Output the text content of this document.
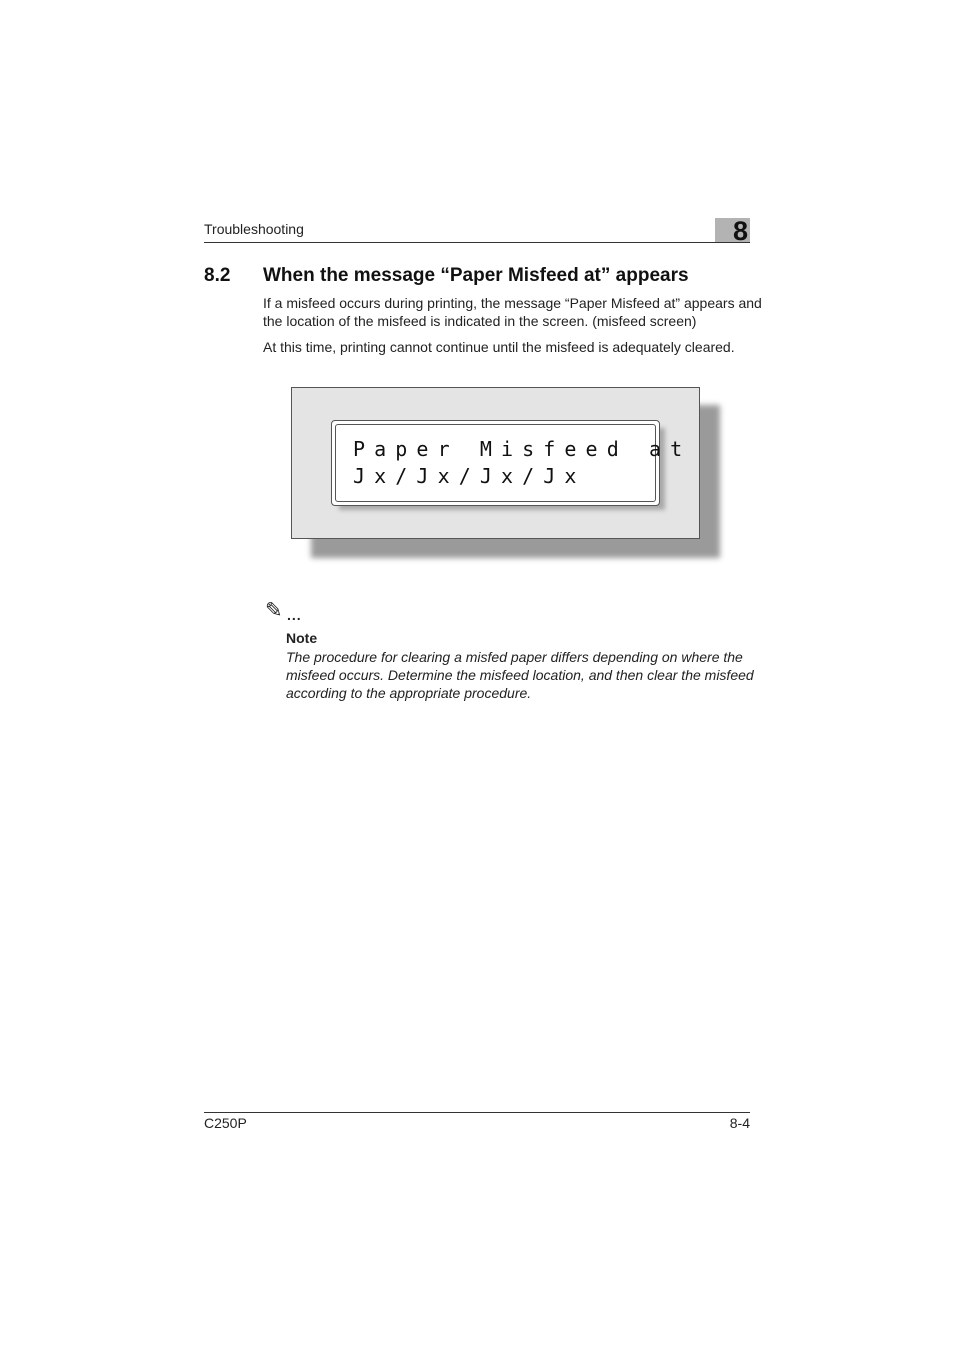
Troubleshooting	8
8.2 When the message “Paper Misfeed at” appears
If a misfeed occurs during printing, the message “Paper Misfeed at” appears and the location of the misfeed is indicated in the screen. (misfeed screen)
At this time, printing cannot continue until the misfeed is adequately cleared.
Paper Misfeed at
Jx/Jx/Jx/Jx
✎ ...
Note
The procedure for clearing a misfed paper differs depending on where the misfeed occurs. Determine the misfeed location, and then clear the misfeed according to the appropriate procedure.
C250P	8-4
